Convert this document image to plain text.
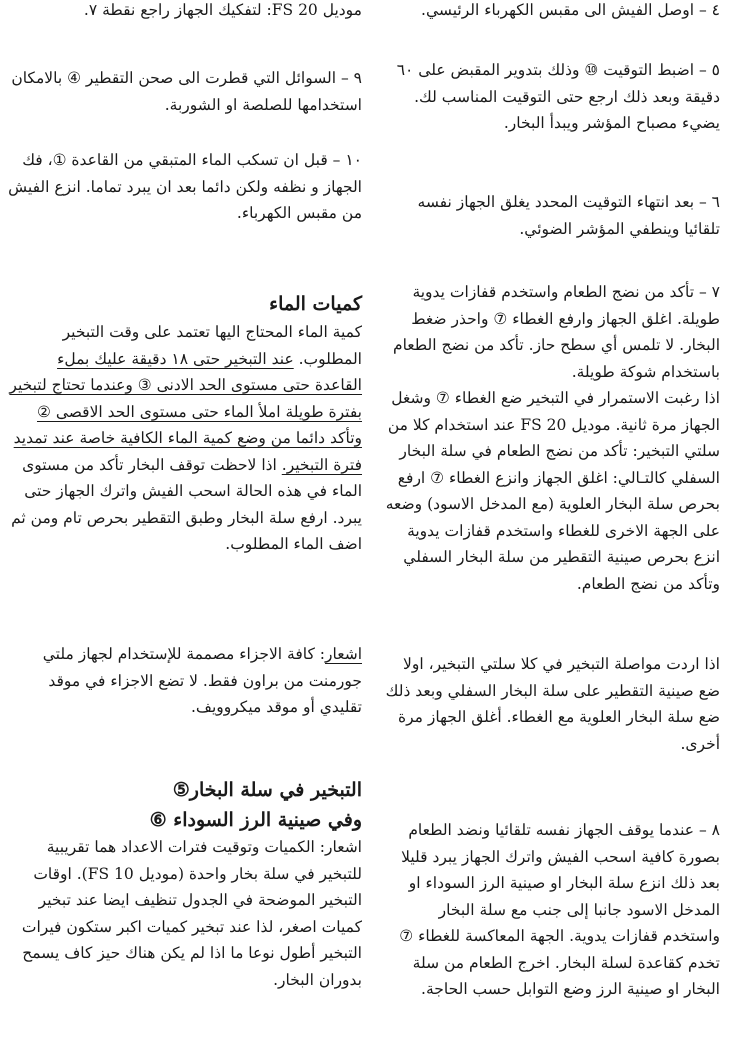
٤ – اوصل الفيش الى مقبس الكهرباء الرئيسي.

٥ – اضبط التوقيت ⑩ وذلك بتدوير المقبض على ٦٠ دقيقة وبعد ذلك ارجع حتى التوقيت المناسب لك. يضيء مصباح المؤشر ويبدأ البخار.

٦ – بعد انتهاء التوقيت المحدد يغلق الجهاز نفسه تلقائيا وينطفي المؤشر الضوئي.

٧ – تأكد من نضج الطعام واستخدم قفازات يدوية طويلة. اغلق الجهاز وارفع الغطاء ⑦ واحذر ضغط البخار. لا تلمس أي سطح حاز. تأكد من نضج الطعام باستخدام شوكة طويلة.

اذا رغبت الاستمرار في التبخير ضع الغطاء ⑦ وشغل الجهاز مرة ثانية. موديل FS 20 عند استخدام كلا من سلتي التبخير: تأكد من نضج الطعام في سلة البخار السفلي كالتـالي: اغلق الجهاز وانزع الغطاء ⑦ ارفع بحرص سلة البخار العلوية (مع المدخل الاسود) وضعه على الجهة الاخرى للغطاء واستخدم قفازات يدوية انزع بحرص صينية التقطير من سلة البخار السفلي وتأكد من نضج الطعام.

اذا اردت مواصلة التبخير في كلا سلتي التبخير، اولا ضع صينية التقطير على سلة البخار السفلي وبعد ذلك ضع سلة البخار العلوية مع الغطاء. أغلق الجهاز مرة أخرى.

٨ – عندما يوقف الجهاز نفسه تلقائيا ونضد الطعام بصورة كافية اسحب الفيش واترك الجهاز يبرد قليلا بعد ذلك انزع سلة البخار او صينية الرز السوداء او المدخل الاسود جانبا إلى جنب مع سلة البخار واستخدم قفازات يدوية. الجهة المعاكسة للغطاء ⑦ تخدم كقاعدة لسلة البخار. اخرج الطعام من سلة البخار او صينية الرز وضع التوابل حسب الحاجة.

موديل FS 20: لتفكيك الجهاز راجع نقطة ٧.

٩ – السوائل التي قطرت الى صحن التقطير ④ بالامكان استخدامها للصلصة او الشوربة.

١٠ – قبل ان تسكب الماء المتبقي من القاعدة ①، فك الجهاز و نظفه ولكن دائما بعد ان يبرد تماما. انزع الفيش من مقبس الكهرباء.

كميات الماء

كمية الماء المحتاج اليها تعتمد على وقت التبخير المطلوب. عند التبخير حتى ١٨ دقيقة عليك بملء القاعدة حتى مستوى الحد الادنى ③ وعندما تحتاج لتبخير بفترة طويلة املأ الماء حتى مستوى الحد الاقصى ② وتأكد دائما من وضع كمية الماء الكافية خاصة عند تمديد فترة التبخير. اذا لاحظت توقف البخار تأكد من مستوى الماء في هذه الحالة اسحب الفيش واترك الجهاز حتى يبرد. ارفع سلة البخار وطبق التقطير بحرص تام ومن ثم اضف الماء المطلوب.

اشعار: كافة الاجزاء مصممة للإستخدام لجهاز ملتي جورمنت من براون فقط. لا تضع الاجزاء في موقد تقليدي أو موقد ميكروويف.

التبخير في سلة البخار⑤
وفي صينية الرز السوداء ⑥

اشعار: الكميات وتوقيت فترات الاعداد هما تقريبية للتبخير في سلة بخار واحدة (موديل FS 10). اوقات التبخير الموضحة في الجدول تنظيف ايضا عند تبخير كميات اصغر، لذا عند تبخير كميات اكبر ستكون فيرات التبخير أطول نوعا ما اذا لم يكن هناك حيز كاف يسمح بدوران البخار.
